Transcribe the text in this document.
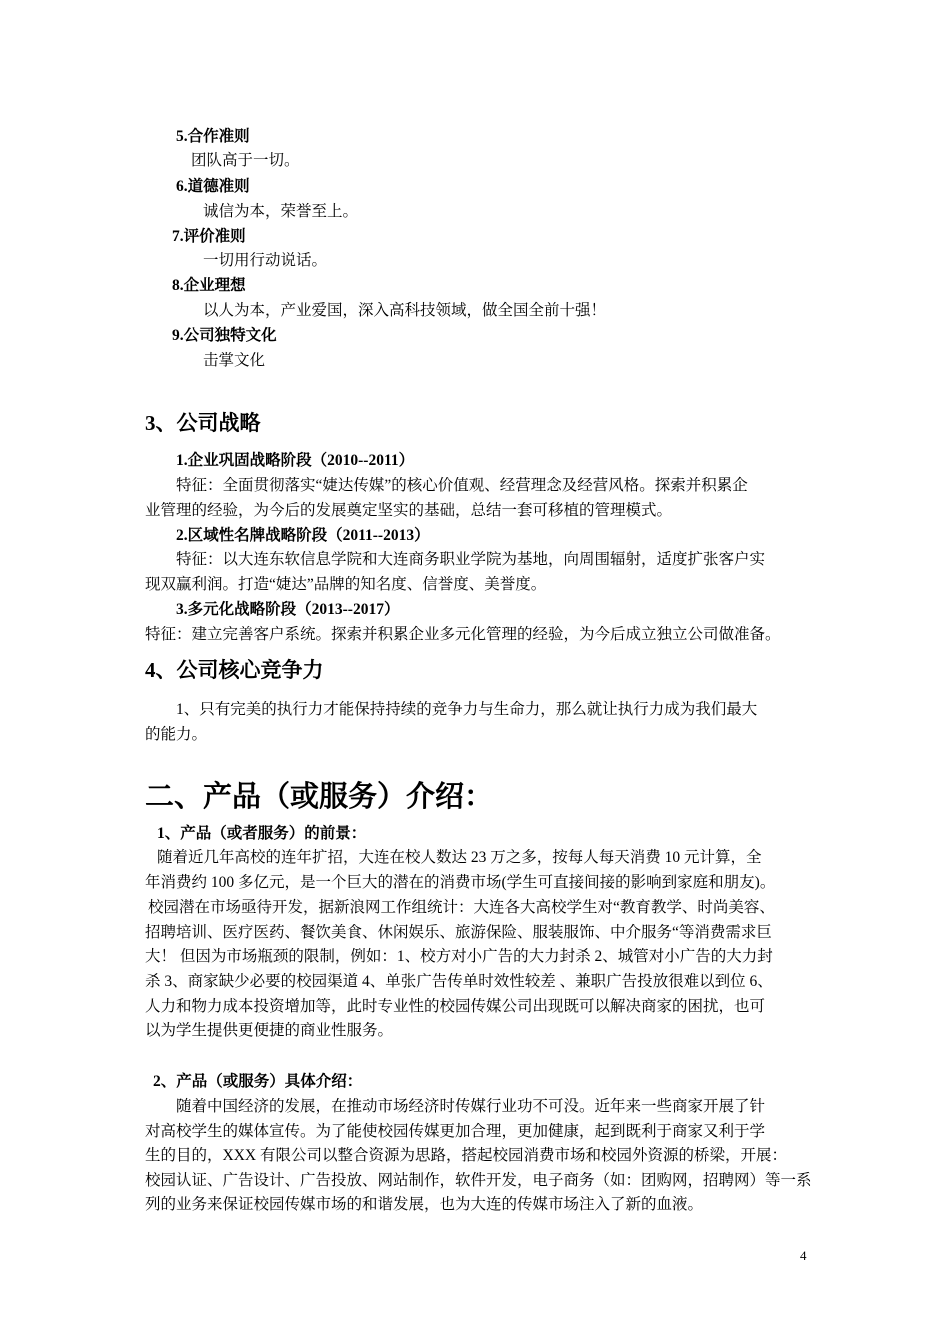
5.合作准则
团队高于一切。
6.道德准则
诚信为本，荣誉至上。
7.评价准则
一切用行动说话。
8.企业理想
以人为本，产业爱国，深入高科技领域，做全国全前十强！
9.公司独特文化
击掌文化
3、公司战略
1.企业巩固战略阶段（2010--2011）
特征：全面贯彻落实“婕达传媒”的核心价值观、经营理念及经营风格。探索并积累企
业管理的经验，为今后的发展奠定坚实的基础，总结一套可移植的管理模式。
2.区域性名牌战略阶段（2011--2013）
特征：以大连东软信息学院和大连商务职业学院为基地，向周围辐射，适度扩张客户实
现双赢利润。打造“婕达”品牌的知名度、信誉度、美誉度。
3.多元化战略阶段（2013--2017）
特征：建立完善客户系统。探索并积累企业多元化管理的经验，为今后成立独立公司做准备。
4、公司核心竞争力
1、只有完美的执行力才能保持持续的竞争力与生命力，那么就让执行力成为我们最大
的能力。
二、产品（或服务）介绍：
1、产品（或者服务）的前景：
随着近几年高校的连年扩招，大连在校人数达 23 万之多，按每人每天消费 10 元计算，全
年消费约 100 多亿元，是一个巨大的潜在的消费市场(学生可直接间接的影响到家庭和朋友)。
校园潜在市场亟待开发，据新浪网工作组统计：大连各大高校学生对“教育教学、时尚美容、
招聘培训、医疗医药、餐饮美食、休闲娱乐、旅游保险、服装服饰、中介服务“等消费需求巨
大！ 但因为市场瓶颈的限制，例如：1、校方对小广告的大力封杀 2、城管对小广告的大力封
杀 3、商家缺少必要的校园渠道 4、单张广告传单时效性较差 、兼职广告投放很难以到位 6、
人力和物力成本投资增加等，此时专业性的校园传媒公司出现既可以解决商家的困扰，也可
以为学生提供更便捷的商业性服务。
2、产品（或服务）具体介绍：
随着中国经济的发展，在推动市场经济时传媒行业功不可没。近年来一些商家开展了针
对高校学生的媒体宣传。为了能使校园传媒更加合理，更加健康，起到既利于商家又利于学
生的目的，XXX 有限公司以整合资源为思路，搭起校园消费市场和校园外资源的桥梁，开展：
校园认证、广告设计、广告投放、网站制作，软件开发，电子商务（如：团购网，招聘网）等一系
列的业务来保证校园传媒市场的和谐发展，也为大连的传媒市场注入了新的血液。
4
